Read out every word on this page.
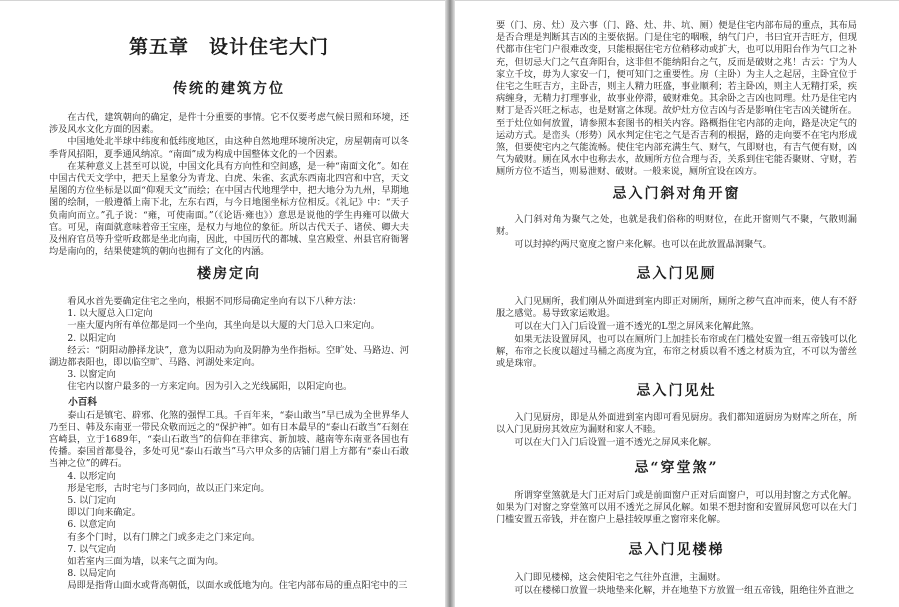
第五章　设计住宅大门
传统的建筑方位

在古代，建筑朝向的确定，是件十分重要的事情。它不仅要考虑气候日照和环境，还涉及风水文化方面的因素。

中国地处北半球中纬度和低纬度地区，由这种自然地理环境所决定，房屋朝南可以冬季背风招阳，夏季通风纳凉。“南面”成为构成中国整体文化的一个因素。

在某种意义上甚至可以说，中国文化具有方向性和空间感，是一种“南面文化”。如在中国古代天文学中，把天上星象分为青龙、白虎、朱雀、玄武东西南北四宫和中宫，天文星图的方位坐标是以面“仰观天文”而绘；在中国古代地理学中，把大地分为九州，早期地图的绘制，一般遵循上南下北，左东右西，与今日地图坐标方位相反。《礼记》中：“天子负南向而立。”孔子说：“雍，可使南面。”（《论语·雍也》）意思是说他的学生冉雍可以做大官。可见，南面就意味着帝王宝座，是权力与地位的象征。所以古代天子、诸侯、卿大夫及州府官员等升堂听政都是坐北向南，因此，中国历代的都城、皇宫殿堂、州县官府衙署均是南向的，结果使建筑的朝向也拥有了文化的内涵。

楼房定向

看风水首先要确定住宅之坐向，根据不同形局确定坐向有以下八种方法：

1. 以大厦总入口定向

一座大厦内所有单位都是同一个坐向，其坐向是以大厦的大门总入口来定向。

2. 以阳定向

经云：“阴阳动静择龙诀”，意为以阳动为向及阴静为坐作指标。空旷处、马路边、河湖边都表阳也，即以临空旷、马路、河湖处来定向。

3. 以窗定向

住宅内以窗户最多的一方来定向。因为引入之光线属阳，以阳定向也。

小百科

泰山石是镇宅、辟邪、化煞的强悍工具。千百年来，“泰山敢当”早已成为全世界华人乃至日、韩及东南亚一带民众敬而远之的“保护神”。如有日本最早的“泰山石敢当”石刻在宫崎县，立于1689年，“泰山石敢当”的信仰在菲律宾、新加坡、越南等东南亚各国也有传播。泰国首都曼谷，多处可见“泰山石敢当”马六甲众多的店铺门眉上方都有“泰山石敢当神之位”的碑石。

4. 以形定向

形是宅形，古时宅与门多同向，故以正门来定向。

5. 以门定向

即以门向来确定。

6. 以意定向

有多个门时，以有门牌之门或多走之门来定向。

7. 以气定向

如若室内三面为墙，以来气之面为向。

8. 以局定向

局即是指背山面水或背高朝低，以面水或低地为向。住宅内部布局的重点阳宅中的三

要（门、房、灶）及六事（门、路、灶、井、坑、厕）便是住宅内部布局的重点，其布局是否合理是判断其吉凶的主要依据。门是住宅的咽喉，纳气门户，书曰宜开吉旺方，但现代都市住宅门户很难改变，只能根据住宅方位稍移动或扩大，也可以用阳台作为气口之补充，但切忌大门之气直奔阳台，这非但不能纳阳台之气，反而是破财之兆！古云：宁为人家立千坟，毋为人家安一门，便可知门之重要性。房（主卧）为主人之起居，主卧宜位于住宅之生旺吉方，主卧吉，则主人精力旺盛，事业顺利；若主卧凶，则主人无精打采，疾病缠身，无精力打理事业，故事业停滞，破财难免。其余卧之吉凶也同理。灶乃是住宅内财丁是否兴旺之标志，也是财富之体现。故炉灶方位吉凶与否是影响住宅吉凶关键所在。至于灶位如何放置，请参照本套图书的相关内容。路概指住宅内部的走向，路是决定气的运动方式。是峦头（形势）风水判定住宅之气是否吉利的根据，路的走向要不在宅内形成煞，但要使宅内之气能流畅。使住宅内部充满生气、财气，气即财也，有吉气便有财，凶气为破财。厕在风水中也称去水，故厕所方位合理与否，关系到住宅能否聚财、守财，若厕所方位不适当，则易泄财、破财。一般来说，厕所宜设在凶方。

忌入门斜对角开窗

入门斜对角为聚气之处，也就是我们俗称的明财位，在此开窗则气不聚，气散则漏财。

可以封掉约两尺宽度之窗户来化解。也可以在此放置晶洞聚气。

忌入门见厕

入门见厕所，我们刚从外面进到室内即正对厕所，厕所之秽气直冲而来，使人有不舒服之感觉。易导致家运败退。

可以在大门入门后设置一道不透光的L型之屏风来化解此煞。

如果无法设置屏风，也可以在厕所门上加挂长布帘或在门槛处安置一组五帝钱可以化解，布帘之长度以超过马桶之高度为宜，布帘之材质以看不透之材质为宜，不可以为蕾丝或是珠帘。

忌入门见灶

入门见厨房，即是从外面进到室内即可看见厨房。我们都知道厨房为财库之所在，所以入门见厨房其效应为漏财和家人不睦。

可以在大门入门后设置一道不透光之屏风来化解。

忌“穿堂煞”

所谓穿堂煞就是大门正对后门或是前面窗户正对后面窗户，可以用封窗之方式化解。如果为门对窗之穿堂煞可以用不透光之屏风化解。如果不想封窗和安置屏风您可以在大门门槛安置五帝钱，并在窗户上悬挂较厚重之窗帘来化解。

忌入门见楼梯

入门即见楼梯，这会使阳宅之气往外直泄，主漏财。

可以在楼梯口放置一块地垫来化解，并在地垫下方放置一组五帝钱，阻绝往外直泄之
